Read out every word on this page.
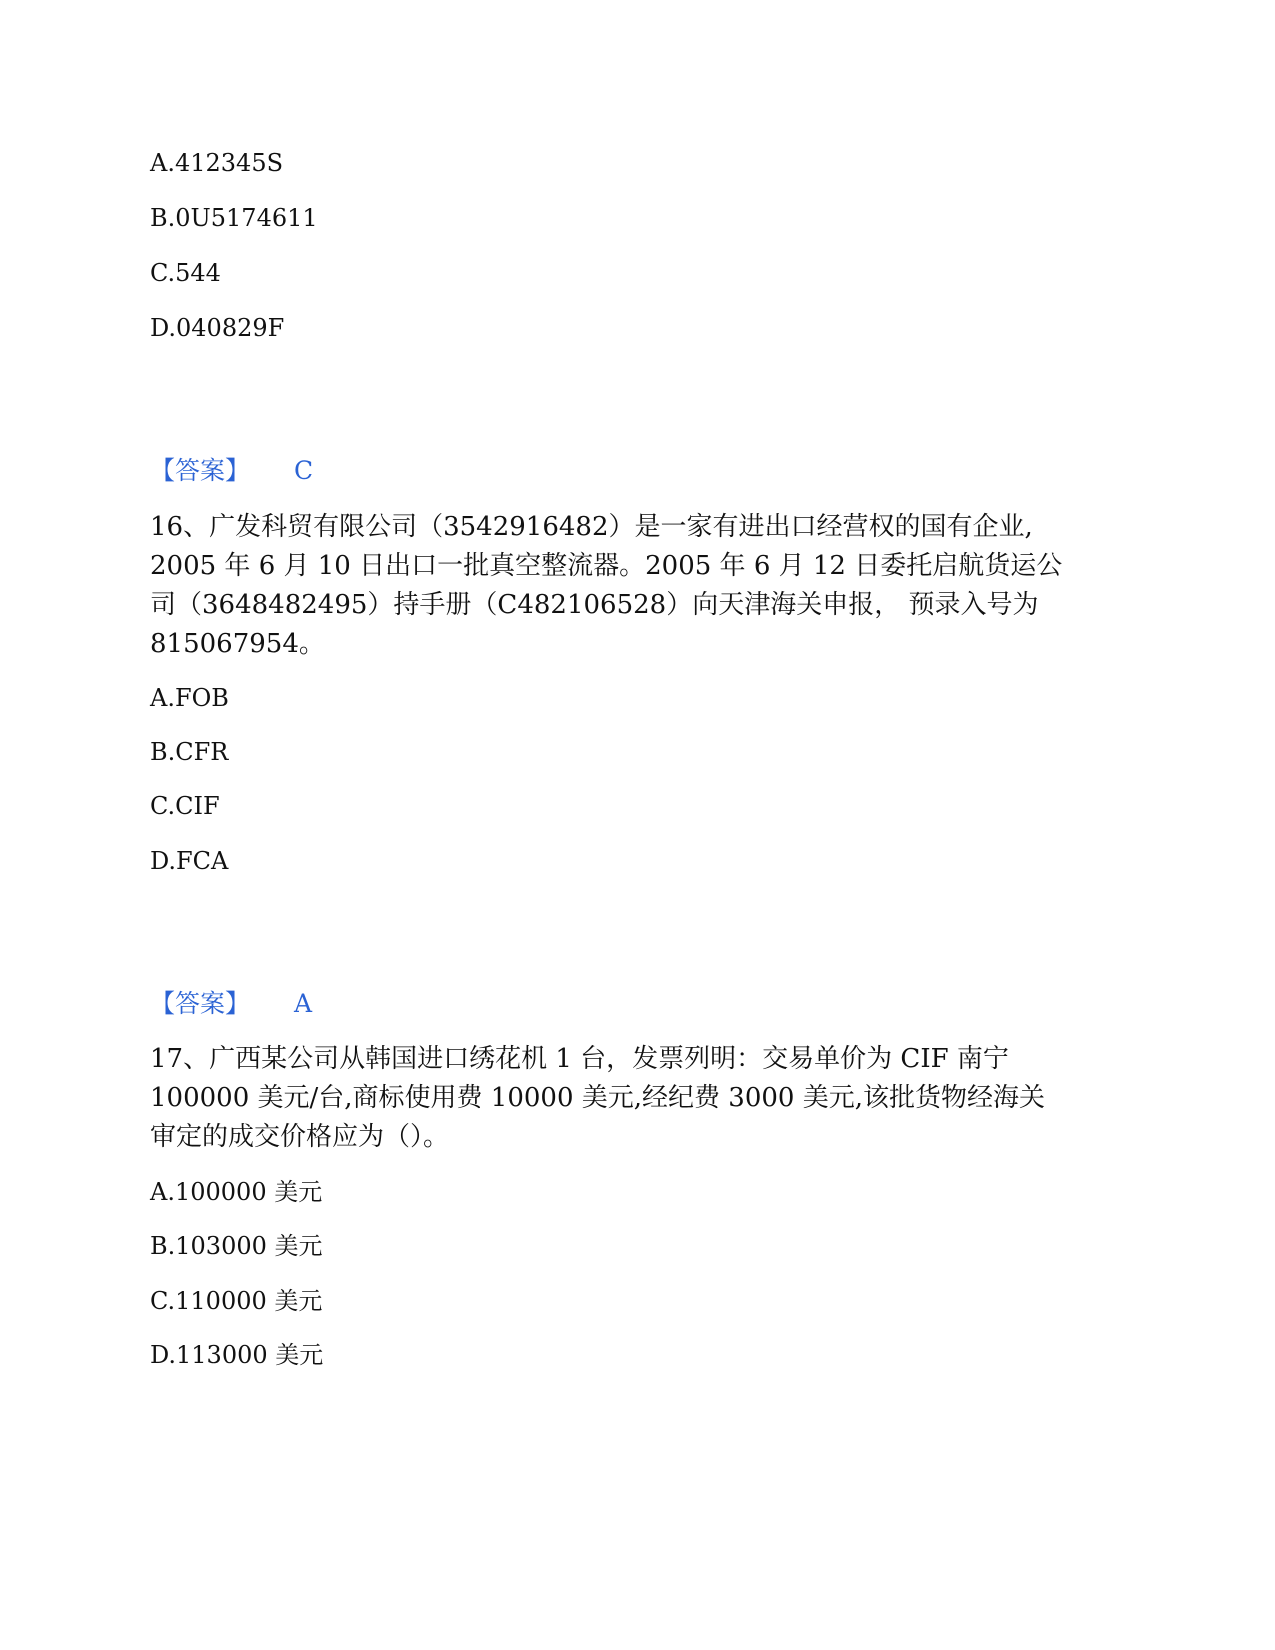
A.412345S
B.0U5174611
C.544
D.040829F
【答案】 C
16、广发科贸有限公司（3542916482）是一家有进出口经营权的国有企业,
2005 年 6 月 10 日出口一批真空整流器。2005 年 6 月 12 日委托启航货运公
司（3648482495）持手册（C482106528）向天津海关申报， 预录入号为
815067954。
A.FOB
B.CFR
C.CIF
D.FCA
【答案】 A
17、广西某公司从韩国进口绣花机 1 台，发票列明：交易单价为 CIF 南宁
100000 美元/台,商标使用费 10000 美元,经纪费 3000 美元,该批货物经海关
审定的成交价格应为（）。
A.100000 美元
B.103000 美元
C.110000 美元
D.113000 美元
